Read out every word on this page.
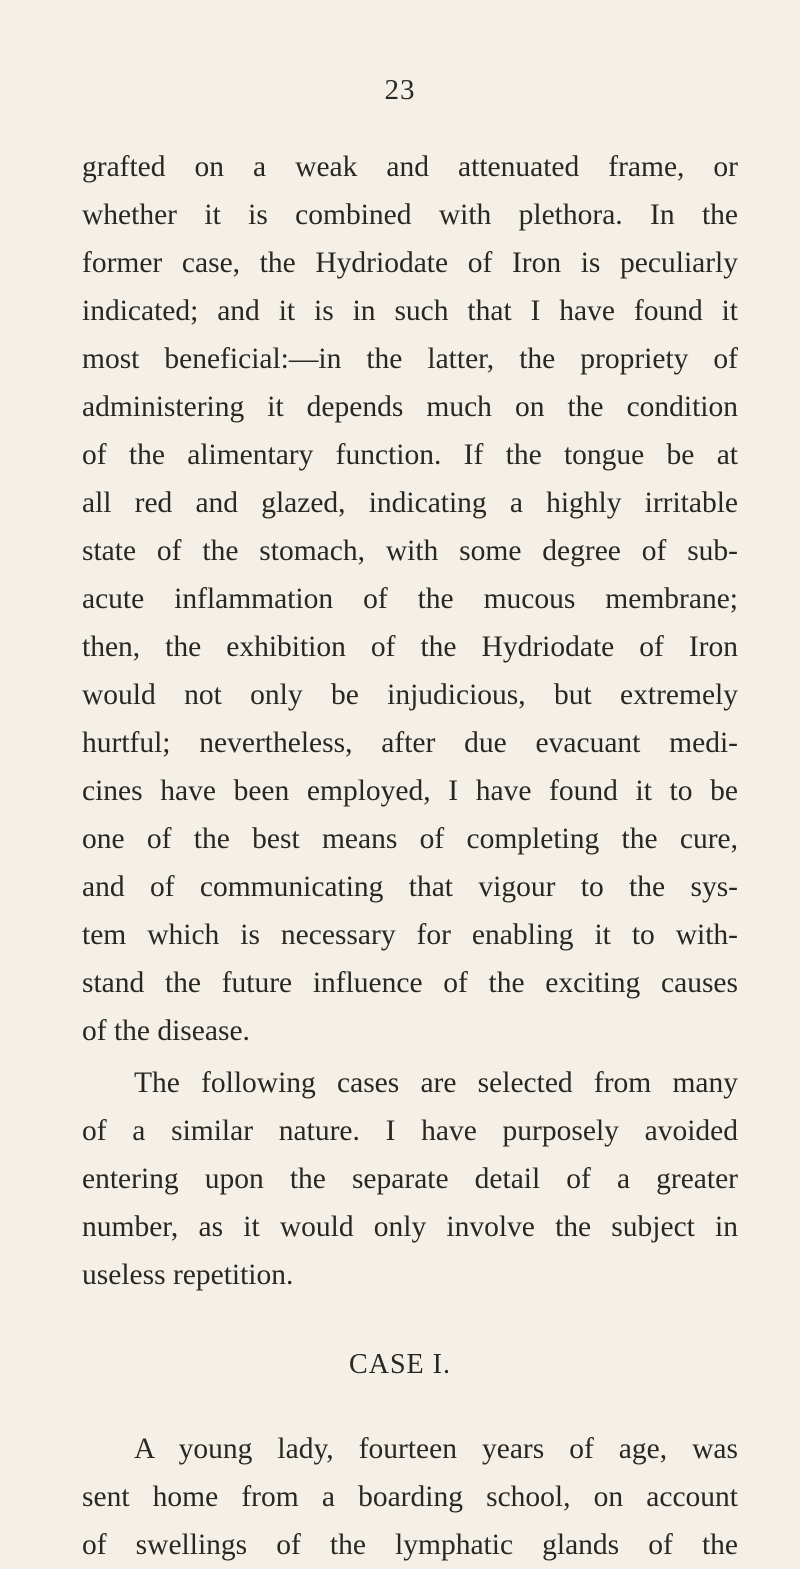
23
grafted on a weak and attenuated frame, or
whether it is combined with plethora. In the
former case, the Hydriodate of Iron is peculiarly
indicated; and it is in such that I have found it
most beneficial:—in the latter, the propriety of
administering it depends much on the condition
of the alimentary function. If the tongue be at
all red and glazed, indicating a highly irritable
state of the stomach, with some degree of sub-
acute inflammation of the mucous membrane;
then, the exhibition of the Hydriodate of Iron
would not only be injudicious, but extremely
hurtful; nevertheless, after due evacuant medi-
cines have been employed, I have found it to be
one of the best means of completing the cure,
and of communicating that vigour to the sys-
tem which is necessary for enabling it to with-
stand the future influence of the exciting causes
of the disease.
The following cases are selected from many
of a similar nature. I have purposely avoided
entering upon the separate detail of a greater
number, as it would only involve the subject in
useless repetition.
CASE I.
A young lady, fourteen years of age, was
sent home from a boarding school, on account
of swellings of the lymphatic glands of the
